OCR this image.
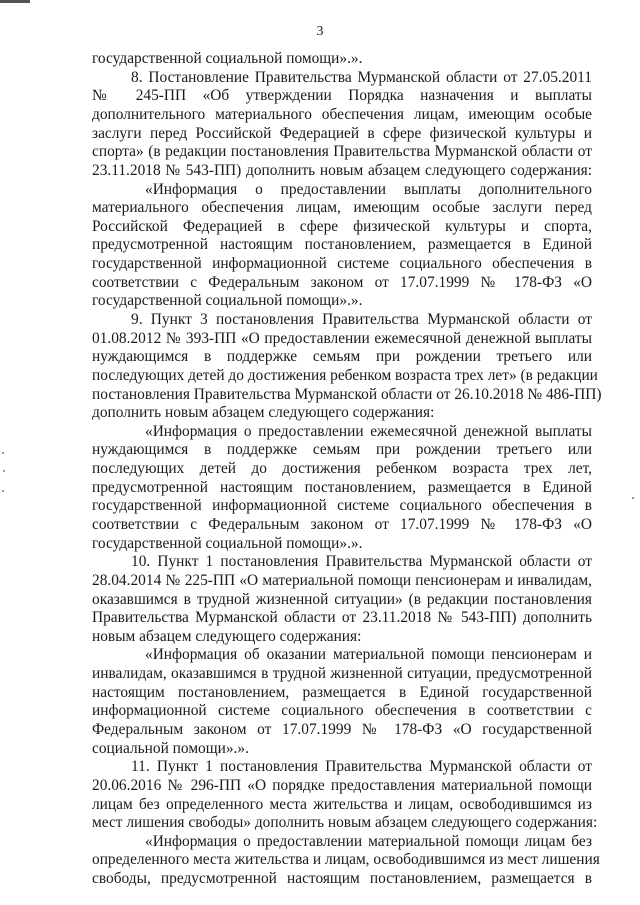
3
государственной социальной помощи».».
8. Постановление Правительства Мурманской области от 27.05.2011
№ 245-ПП «Об утверждении Порядка назначения и выплаты
дополнительного материального обеспечения лицам, имеющим особые
заслуги перед Российской Федерацией в сфере физической культуры и
спорта» (в редакции постановления Правительства Мурманской области от
23.11.2018 № 543-ПП) дополнить новым абзацем следующего содержания:
«Информация о предоставлении выплаты дополнительного
материального обеспечения лицам, имеющим особые заслуги перед
Российской Федерацией в сфере физической культуры и спорта,
предусмотренной настоящим постановлением, размещается в Единой
государственной информационной системе социального обеспечения в
соответствии с Федеральным законом от 17.07.1999 № 178-ФЗ «О
государственной социальной помощи».».
9. Пункт 3 постановления Правительства Мурманской области от
01.08.2012 № 393-ПП «О предоставлении ежемесячной денежной выплаты
нуждающимся в поддержке семьям при рождении третьего или
последующих детей до достижения ребенком возраста трех лет» (в редакции
постановления Правительства Мурманской области от 26.10.2018 № 486-ПП)
дополнить новым абзацем следующего содержания:
«Информация о предоставлении ежемесячной денежной выплаты
нуждающимся в поддержке семьям при рождении третьего или
последующих детей до достижения ребенком возраста трех лет,
предусмотренной настоящим постановлением, размещается в Единой
государственной информационной системе социального обеспечения в
соответствии с Федеральным законом от 17.07.1999 № 178-ФЗ «О
государственной социальной помощи».».
10. Пункт 1 постановления Правительства Мурманской области от
28.04.2014 № 225-ПП «О материальной помощи пенсионерам и инвалидам,
оказавшимся в трудной жизненной ситуации» (в редакции постановления
Правительства Мурманской области от 23.11.2018 № 543-ПП) дополнить
новым абзацем следующего содержания:
«Информация об оказании материальной помощи пенсионерам и
инвалидам, оказавшимся в трудной жизненной ситуации, предусмотренной
настоящим постановлением, размещается в Единой государственной
информационной системе социального обеспечения в соответствии с
Федеральным законом от 17.07.1999 № 178-ФЗ «О государственной
социальной помощи».».
11. Пункт 1 постановления Правительства Мурманской области от
20.06.2016 № 296-ПП «О порядке предоставления материальной помощи
лицам без определенного места жительства и лицам, освободившимся из
мест лишения свободы» дополнить новым абзацем следующего содержания:
«Информация о предоставлении материальной помощи лицам без
определенного места жительства и лицам, освободившимся из мест лишения
свободы, предусмотренной настоящим постановлением, размещается в
